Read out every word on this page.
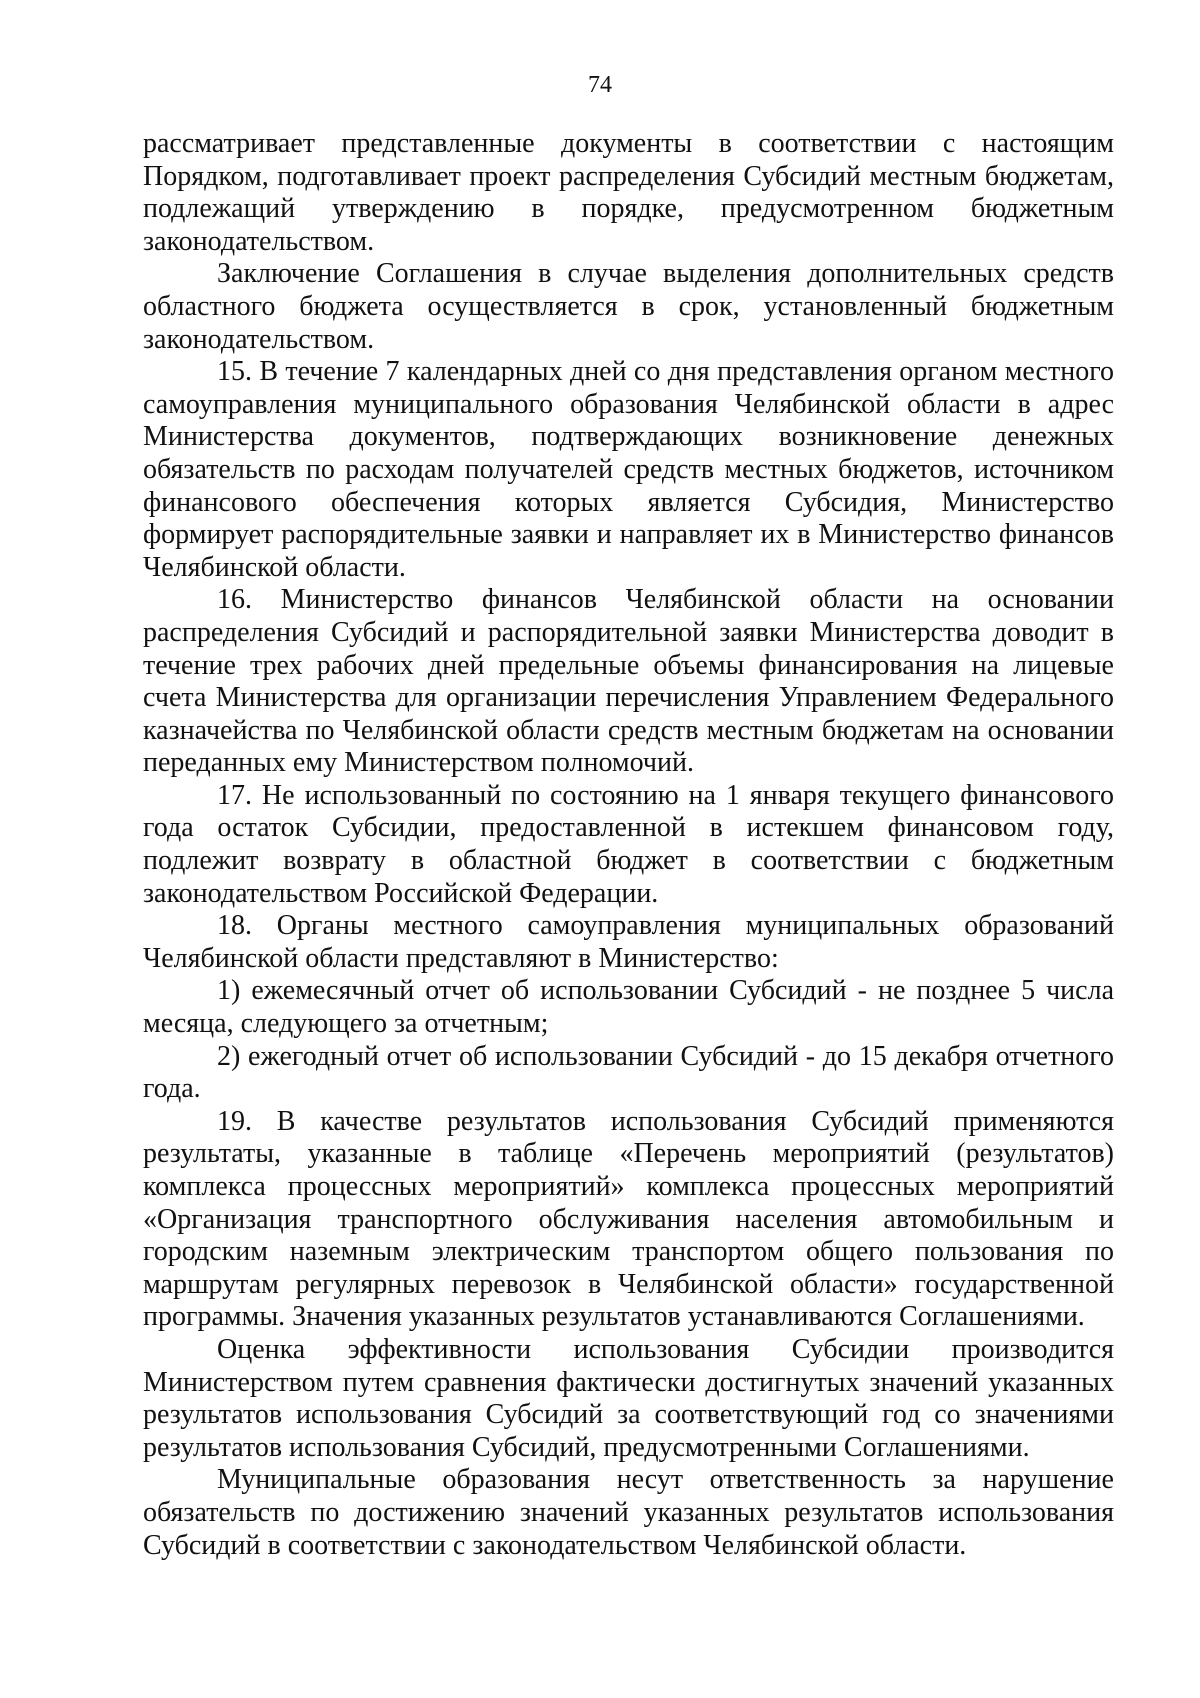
74

рассматривает представленные документы в соответствии с настоящим Порядком, подготавливает проект распределения Субсидий местным бюджетам, подлежащий утверждению в порядке, предусмотренном бюджетным законодательством.

Заключение Соглашения в случае выделения дополнительных средств областного бюджета осуществляется в срок, установленный бюджетным законодательством.

15. В течение 7 календарных дней со дня представления органом местного самоуправления муниципального образования Челябинской области в адрес Министерства документов, подтверждающих возникновение денежных обязательств по расходам получателей средств местных бюджетов, источником финансового обеспечения которых является Субсидия, Министерство формирует распорядительные заявки и направляет их в Министерство финансов Челябинской области.

16. Министерство финансов Челябинской области на основании распределения Субсидий и распорядительной заявки Министерства доводит в течение трех рабочих дней предельные объемы финансирования на лицевые счета Министерства для организации перечисления Управлением Федерального казначейства по Челябинской области средств местным бюджетам на основании переданных ему Министерством полномочий.

17. Не использованный по состоянию на 1 января текущего финансового года остаток Субсидии, предоставленной в истекшем финансовом году, подлежит возврату в областной бюджет в соответствии с бюджетным законодательством Российской Федерации.

18. Органы местного самоуправления муниципальных образований Челябинской области представляют в Министерство:

1) ежемесячный отчет об использовании Субсидий - не позднее 5 числа месяца, следующего за отчетным;

2) ежегодный отчет об использовании Субсидий - до 15 декабря отчетного года.

19. В качестве результатов использования Субсидий применяются результаты, указанные в таблице «Перечень мероприятий (результатов) комплекса процессных мероприятий» комплекса процессных мероприятий «Организация транспортного обслуживания населения автомобильным и городским наземным электрическим транспортом общего пользования по маршрутам регулярных перевозок в Челябинской области» государственной программы. Значения указанных результатов устанавливаются Соглашениями.

Оценка эффективности использования Субсидии производится Министерством путем сравнения фактически достигнутых значений указанных результатов использования Субсидий за соответствующий год со значениями результатов использования Субсидий, предусмотренными Соглашениями.

Муниципальные образования несут ответственность за нарушение обязательств по достижению значений указанных результатов использования Субсидий в соответствии с законодательством Челябинской области.
